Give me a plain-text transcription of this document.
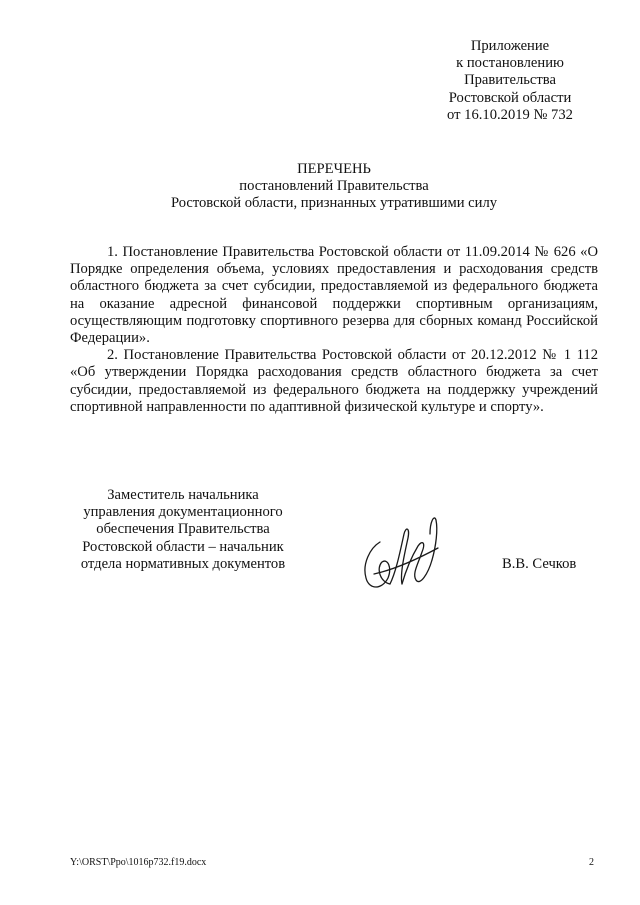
Приложение
к постановлению
Правительства
Ростовской области
от 16.10.2019 № 732
ПЕРЕЧЕНЬ
постановлений Правительства
Ростовской области, признанных утратившими силу

1. Постановление Правительства Ростовской области от 11.09.2014 № 626 «О Порядке определения объема, условиях предоставления и расходования средств областного бюджета за счет субсидии, предоставляемой из федерального бюджета на оказание адресной финансовой поддержки спортивным организациям, осуществляющим подготовку спортивного резерва для сборных команд Российской Федерации».

2. Постановление Правительства Ростовской области от 20.12.2012 № 1 112 «Об утверждении Порядка расходования средств областного бюджета за счет субсидии, предоставляемой из федерального бюджета на поддержку учреждений спортивной направленности по адаптивной физической культуре и спорту».

Заместитель начальника
управления документационного
обеспечения Правительства
Ростовской области – начальник
отдела нормативных документов	В.В. Сечков
Y:\ORST\Ppo\1016p732.f19.docx	2
